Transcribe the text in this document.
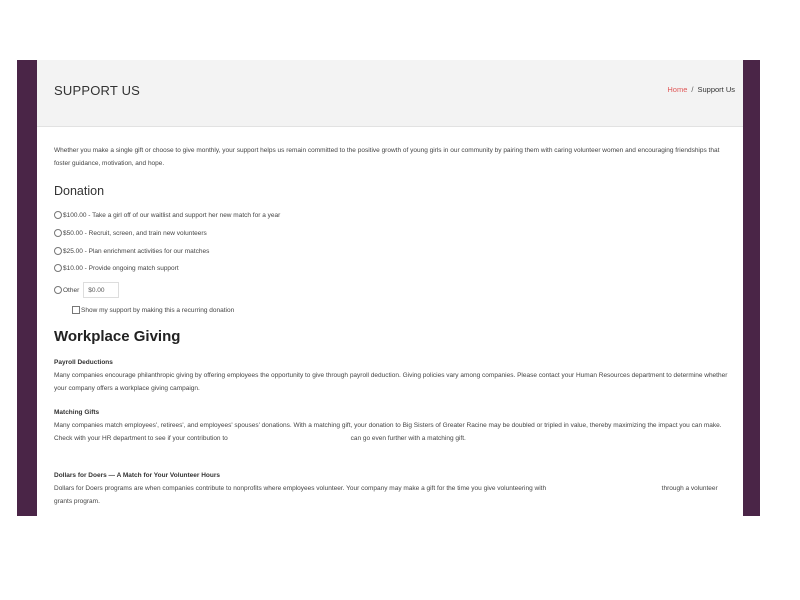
SUPPORT US	Home / Support Us

Whether you make a single gift or choose to give monthly, your support helps us remain committed to the positive growth of young girls in our community by pairing them with caring volunteer women and encouraging friendships that foster guidance, motivation, and hope.

Donation
$100.00 - Take a girl off of our waitlist and support her new match for a year
$50.00 - Recruit, screen, and train new volunteers
$25.00 - Plan enrichment activities for our matches
$10.00 - Provide ongoing match support
Other	$0.00
Show my support by making this a recurring donation
Workplace Giving
Payroll Deductions

Many companies encourage philanthropic giving by offering employees the opportunity to give through payroll deduction. Giving policies vary among companies. Please contact your Human Resources department to determine whether your company offers a workplace giving campaign.

Matching Gifts

Many companies match employees', retirees', and employees' spouses' donations. With a matching gift, your donation to Big Sisters of Greater Racine may be doubled or tripled in value, thereby maximizing the impact you can make. Check with your HR department to see if your contribution to                                                                    can go even further with a matching gift.

Dollars for Doers — A Match for Your Volunteer Hours

Dollars for Doers programs are when companies contribute to nonprofits where employees volunteer. Your company may make a gift for the time you give volunteering with                                                                through a volunteer grants program.
